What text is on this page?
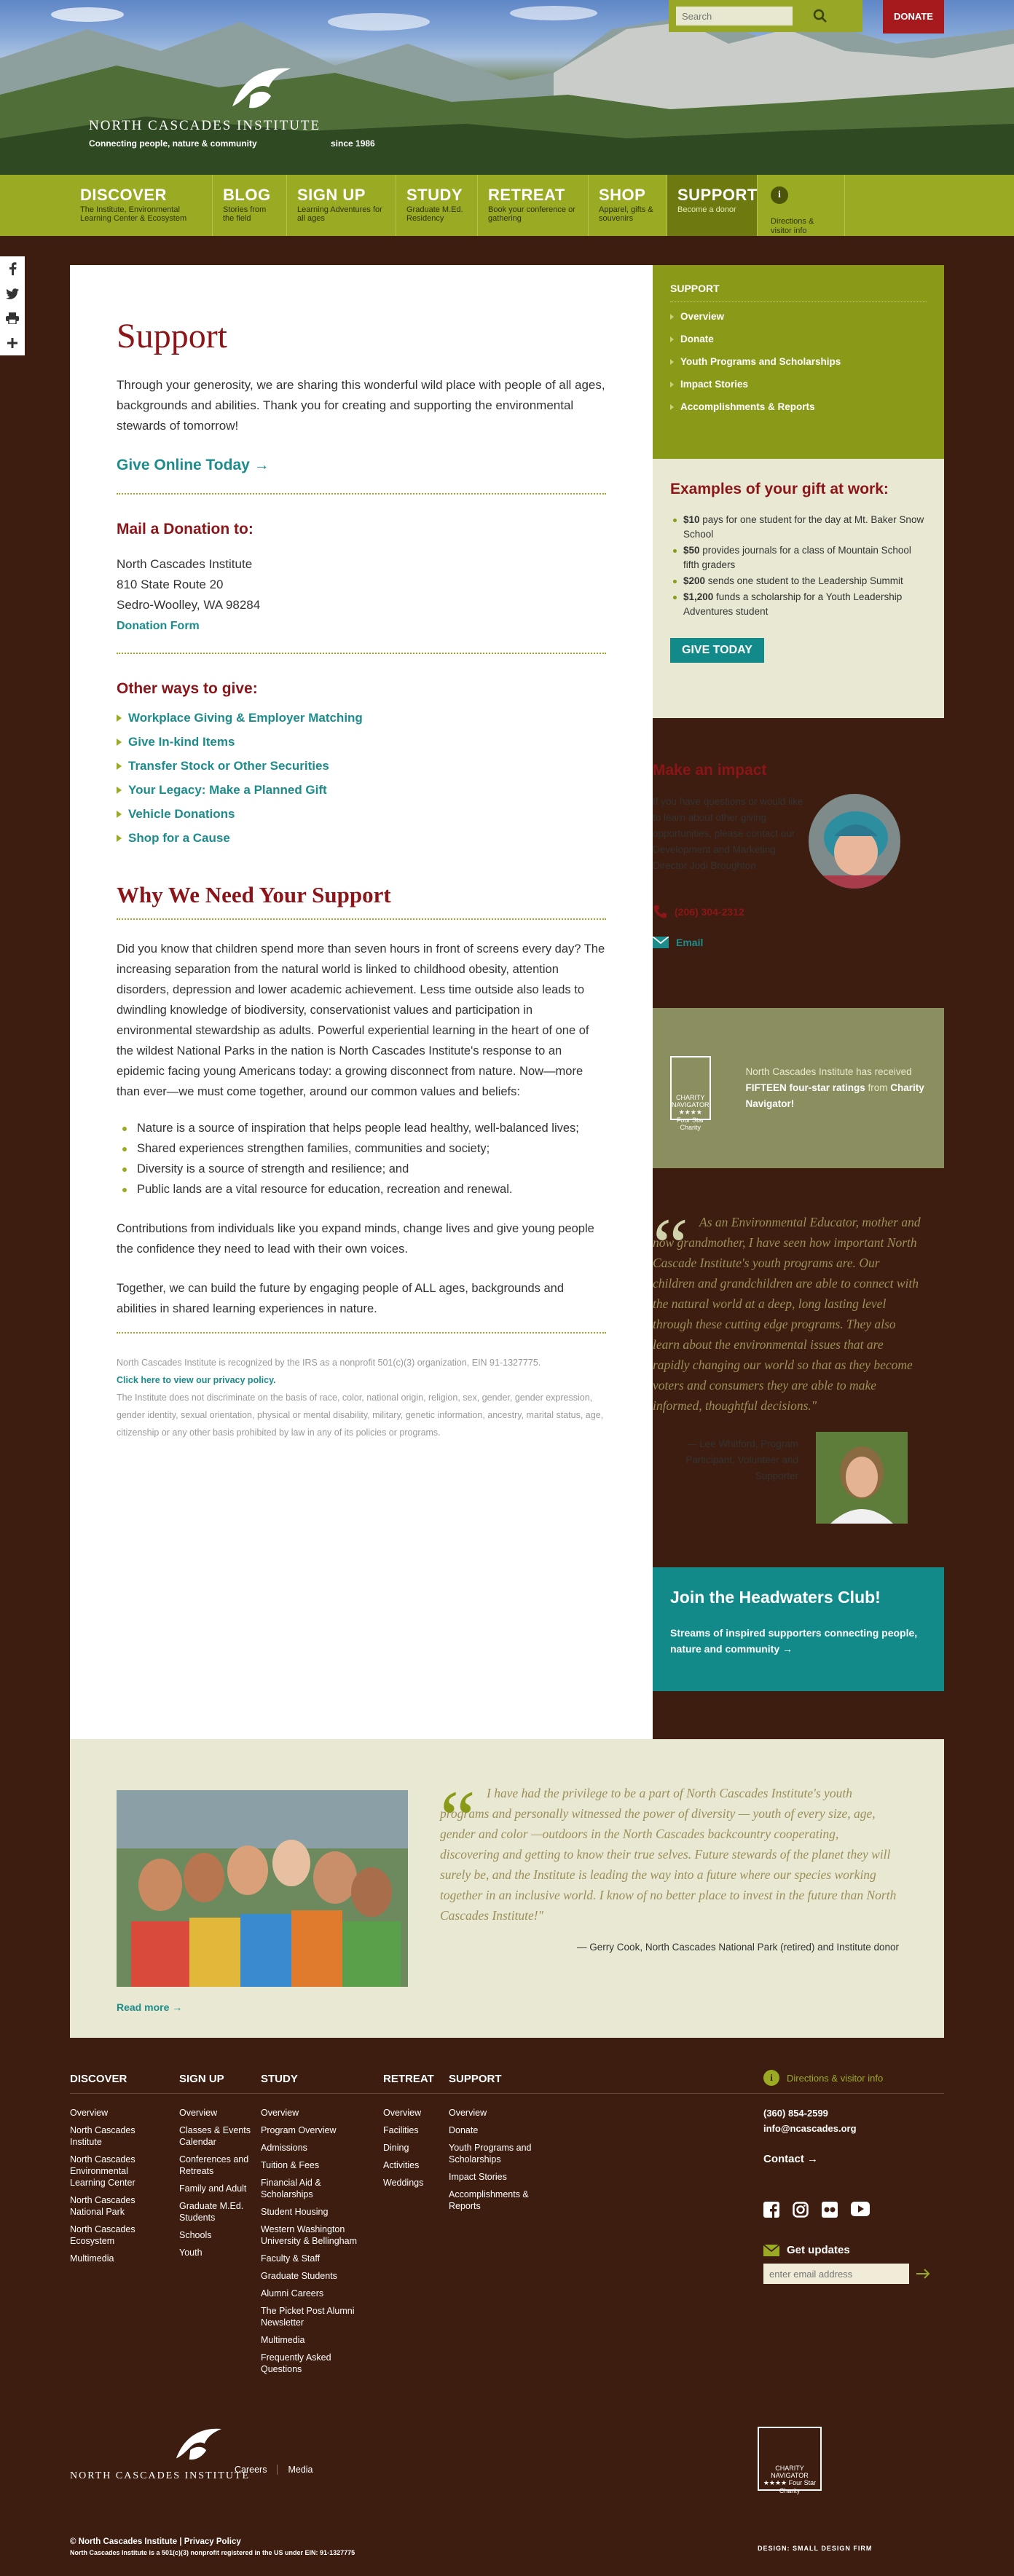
Search
DONATE
NORTH CASCADES INSTITUTE
Connecting people, nature & community	since 1986
DISCOVER
The Institute, Environmental Learning Center & Ecosystem
BLOG
Stories from the field
SIGN UP
Learning Adventures for all ages
STUDY
Graduate M.Ed. Residency
RETREAT
Book your conference or gathering
SHOP
Apparel, gifts & souvenirs
SUPPORT
Become a donor
i
Directions & visitor info
Support

Through your generosity, we are sharing this wonderful wild place with people of all ages, backgrounds and abilities. Thank you for creating and supporting the environmental stewards of tomorrow!

Give Online Today →
Mail a Donation to:
North Cascades Institute
810 State Route 20
Sedro-Woolley, WA 98284
Donation Form
Other ways to give:
Workplace Giving & Employer Matching
Give In-kind Items
Transfer Stock or Other Securities
Your Legacy: Make a Planned Gift
Vehicle Donations
Shop for a Cause
Why We Need Your Support

Did you know that children spend more than seven hours in front of screens every day? The increasing separation from the natural world is linked to childhood obesity, attention disorders, depression and lower academic achievement. Less time outside also leads to dwindling knowledge of biodiversity, conservationist values and participation in environmental stewardship as adults. Powerful experiential learning in the heart of one of the wildest National Parks in the nation is North Cascades Institute's response to an epidemic facing young Americans today: a growing disconnect from nature. Now—more than ever—we must come together, around our common values and beliefs:

Nature is a source of inspiration that helps people lead healthy, well-balanced lives;
Shared experiences strengthen families, communities and society;
Diversity is a source of strength and resilience; and
Public lands are a vital resource for education, recreation and renewal.

Contributions from individuals like you expand minds, change lives and give young people the confidence they need to lead with their own voices.

Together, we can build the future by engaging people of ALL ages, backgrounds and abilities in shared learning experiences in nature.

North Cascades Institute is recognized by the IRS as a nonprofit 501(c)(3) organization, EIN 91-1327775.
Click here to view our privacy policy.
The Institute does not discriminate on the basis of race, color, national origin, religion, sex, gender, gender expression, gender identity, sexual orientation, physical or mental disability, military, genetic information, ancestry, marital status, age, citizenship or any other basis prohibited by law in any of its policies or programs.
SUPPORT
Overview
Donate
Youth Programs and Scholarships
Impact Stories
Accomplishments & Reports
Examples of your gift at work:
$10 pays for one student for the day at Mt. Baker Snow School
$50 provides journals for a class of Mountain School fifth graders
$200 sends one student to the Leadership Summit
$1,200 funds a scholarship for a Youth Leadership Adventures student
GIVE TODAY
Make an impact

If you have questions or would like to learn about other giving opportunities, please contact our Development and Marketing Director Jodi Broughton

(206) 304-2312
Email
CHARITY NAVIGATOR ★★★★ Four Star Charity

North Cascades Institute has received FIFTEEN four-star ratings from Charity Navigator!

“ As an Environmental Educator, mother and now grandmother, I have seen how important North Cascade Institute's youth programs are. Our children and grandchildren are able to connect with the natural world at a deep, long lasting level through these cutting edge programs. They also learn about the environmental issues that are rapidly changing our world so that as they become voters and consumers they are able to make informed, thoughtful decisions."

— Lee Whitford, Program Participant, Volunteer and Supporter
Join the Headwaters Club!

Streams of inspired supporters connecting people, nature and community →

“ I have had the privilege to be a part of North Cascades Institute's youth programs and personally witnessed the power of diversity — youth of every size, age, gender and color —outdoors in the North Cascades backcountry cooperating, discovering and getting to know their true selves. Future stewards of the planet they will surely be, and the Institute is leading the way into a future where our species working together in an inclusive world. I know of no better place to invest in the future than North Cascades Institute!"

— Gerry Cook, North Cascades National Park (retired) and Institute donor
Read more →
DISCOVER
Overview
North Cascades Institute
North Cascades Environmental Learning Center
North Cascades National Park
North Cascades Ecosystem
Multimedia
SIGN UP
Overview
Classes & Events Calendar
Conferences and Retreats
Family and Adult
Graduate M.Ed. Students
Schools
Youth
STUDY
Overview
Program Overview
Admissions
Tuition & Fees
Financial Aid & Scholarships
Student Housing
Western Washington University & Bellingham
Faculty & Staff
Graduate Students
Alumni Careers
The Picket Post Alumni Newsletter
Multimedia
Frequently Asked Questions
RETREAT
Overview
Facilities
Dining
Activities
Weddings
SUPPORT
Overview
Donate
Youth Programs and Scholarships
Impact Stories
Accomplishments & Reports
i	Directions & visitor info
(360) 854-2599
info@ncascades.org
Contact →
Get updates
enter email address
NORTH CASCADES INSTITUTE
Careers Media	CHARITY NAVIGATOR ★★★★ Four Star Charity
© North Cascades Institute | Privacy Policy
North Cascades Institute is a 501(c)(3) nonprofit registered in the US under EIN: 91-1327775
DESIGN: SMALL DESIGN FIRM
